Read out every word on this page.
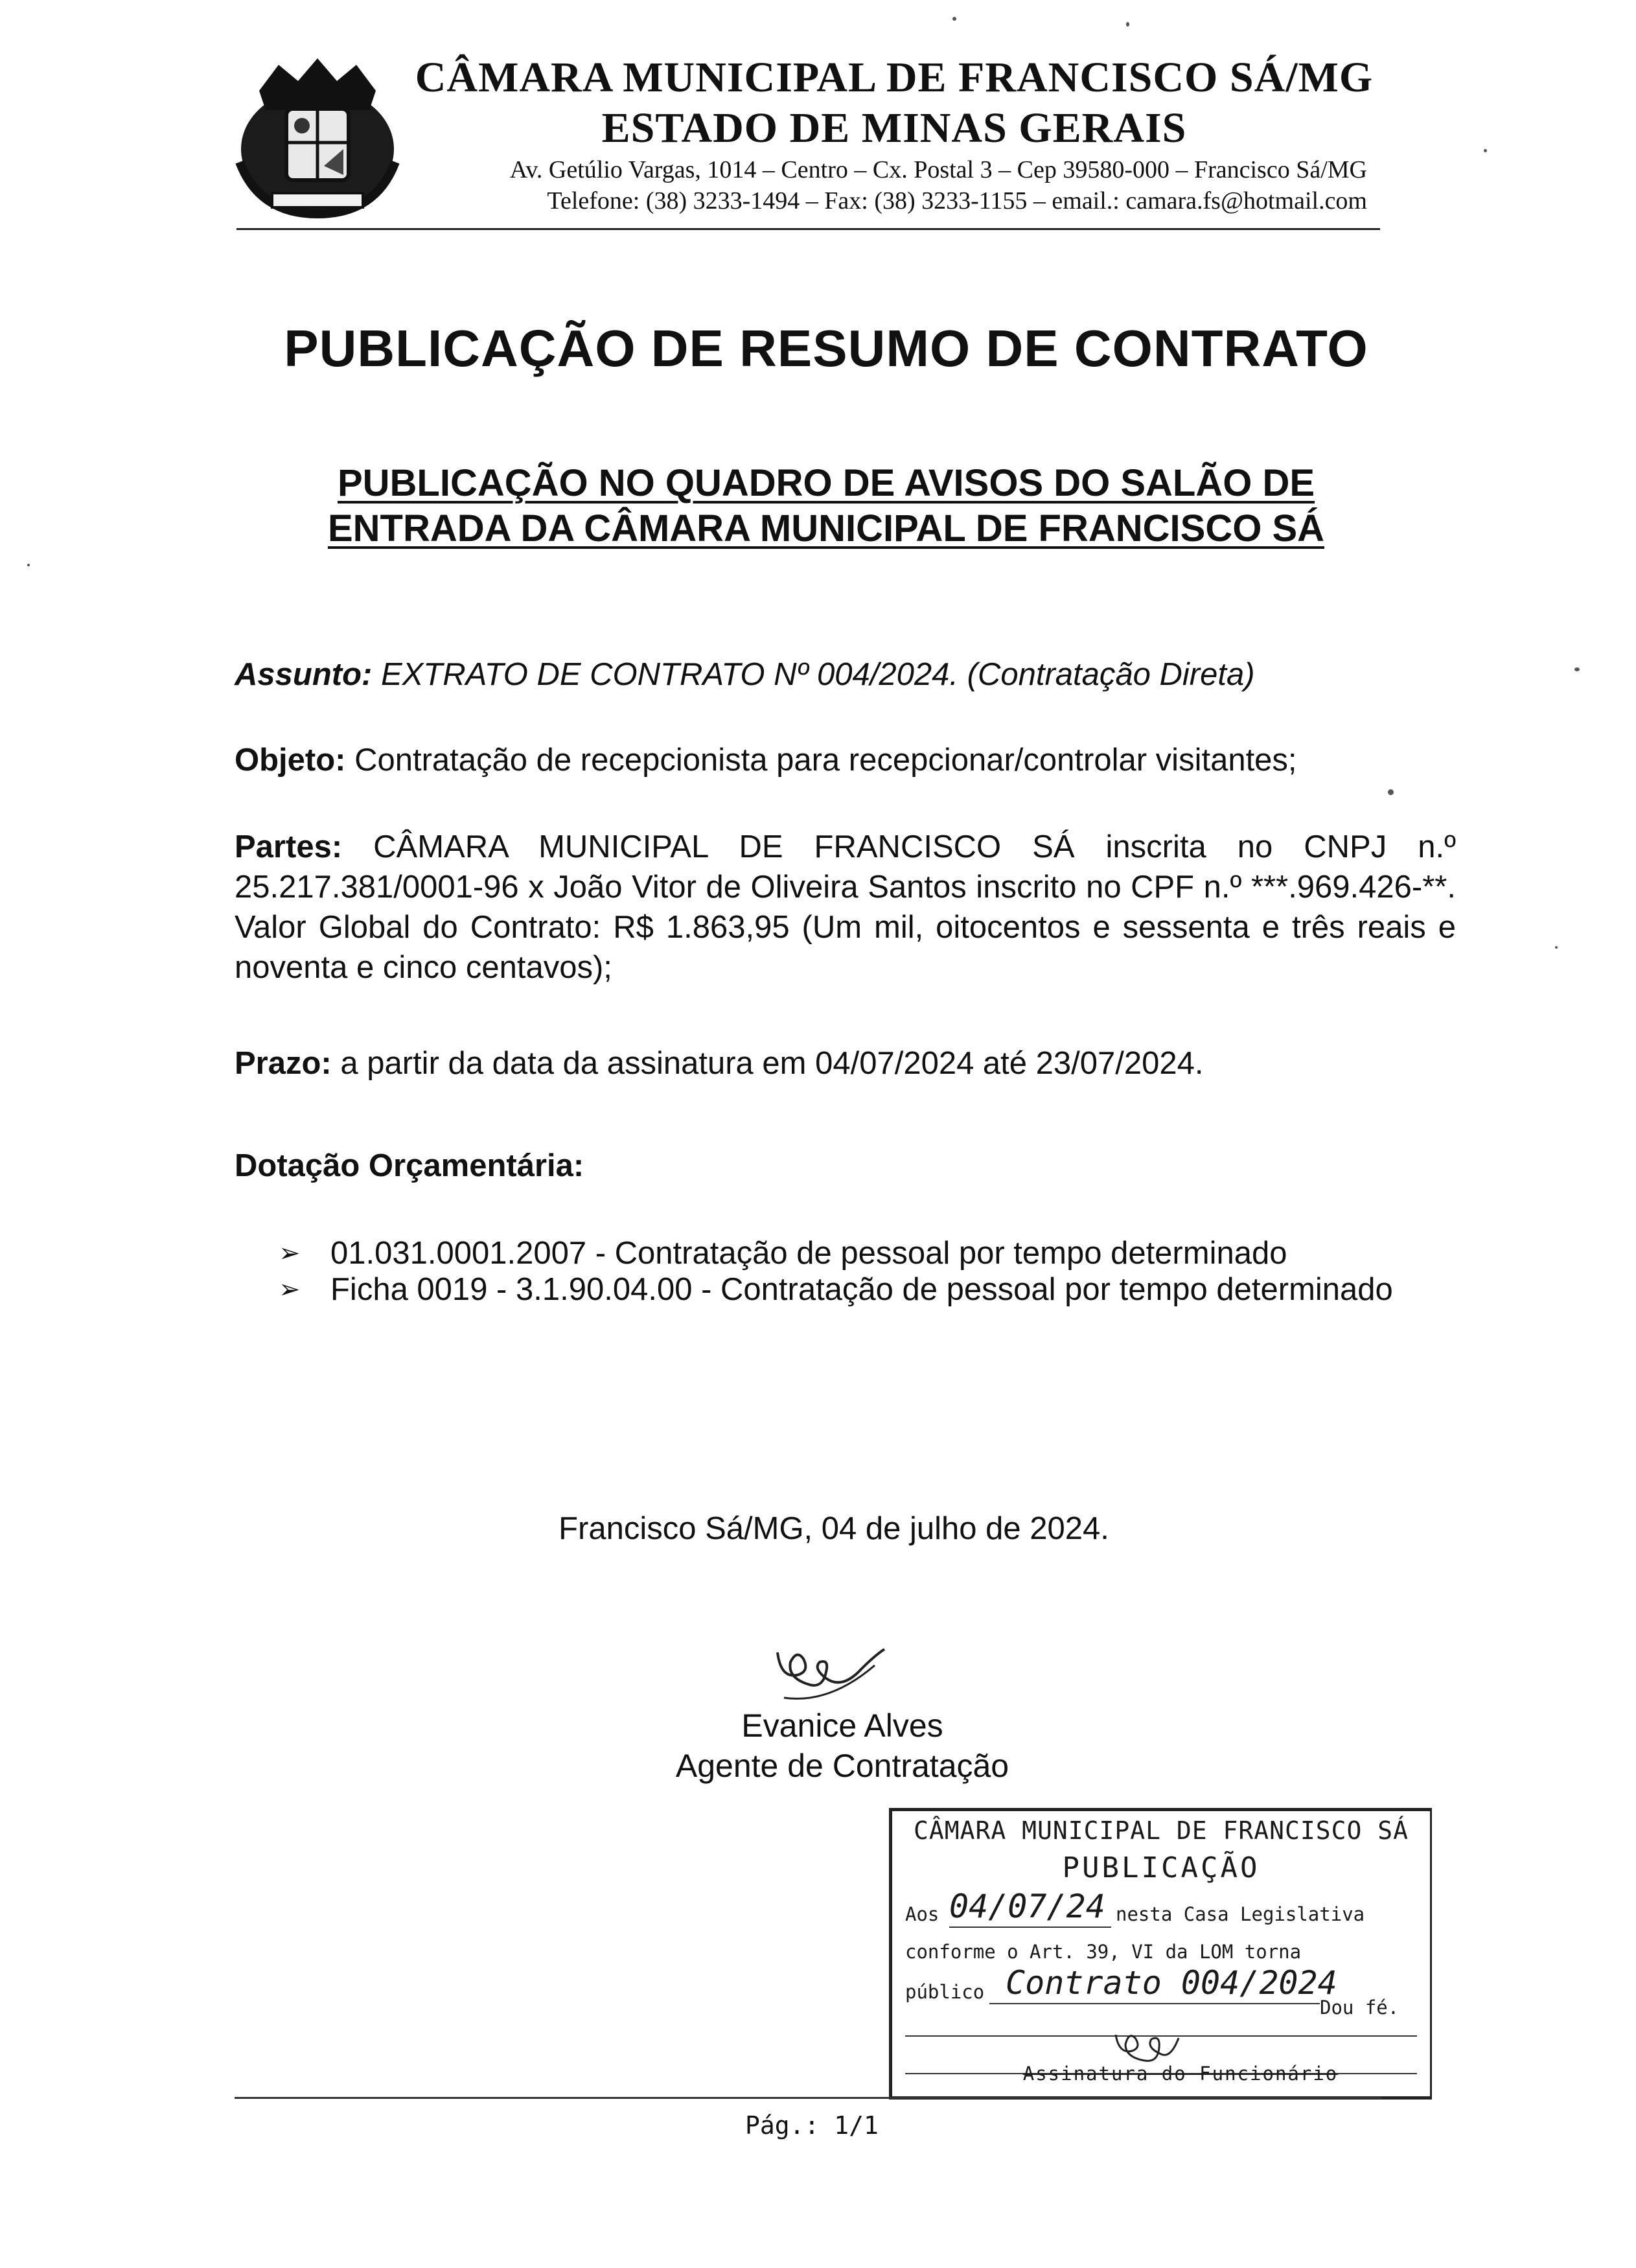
CÂMARA MUNICIPAL DE FRANCISCO SÁ/MG
ESTADO DE MINAS GERAIS
Av. Getúlio Vargas, 1014 – Centro – Cx. Postal 3 – Cep 39580-000 – Francisco Sá/MG
Telefone: (38) 3233-1494 – Fax: (38) 3233-1155 – email.: camara.fs@hotmail.com
PUBLICAÇÃO DE RESUMO DE CONTRATO
PUBLICAÇÃO NO QUADRO DE AVISOS DO SALÃO DE
ENTRADA DA CÂMARA MUNICIPAL DE FRANCISCO SÁ
Assunto: EXTRATO DE CONTRATO Nº 004/2024. (Contratação Direta)
Objeto: Contratação de recepcionista para recepcionar/controlar visitantes;
Partes: CÂMARA MUNICIPAL DE FRANCISCO SÁ inscrita no CNPJ n.º 25.217.381/0001-96 x João Vitor de Oliveira Santos inscrito no CPF n.º ***.969.426-**. Valor Global do Contrato: R$ 1.863,95 (Um mil, oitocentos e sessenta e três reais e noventa e cinco centavos);
Prazo: a partir da data da assinatura em 04/07/2024 até 23/07/2024.
Dotação Orçamentária:
➢ 01.031.0001.2007 - Contratação de pessoal por tempo determinado
➢ Ficha 0019 - 3.1.90.04.00 - Contratação de pessoal por tempo determinado
Francisco Sá/MG, 04 de julho de 2024.
Evanice Alves
Agente de Contratação
CÂMARA MUNICIPAL DE FRANCISCO SÁ
PUBLICAÇÃO
Aos 04/07/24 nesta Casa Legislativa
conforme o Art. 39, VI da LOM torna
público Contrato 004/2024
Dou fé.
Assinatura do Funcionário
Pág.: 1/1
